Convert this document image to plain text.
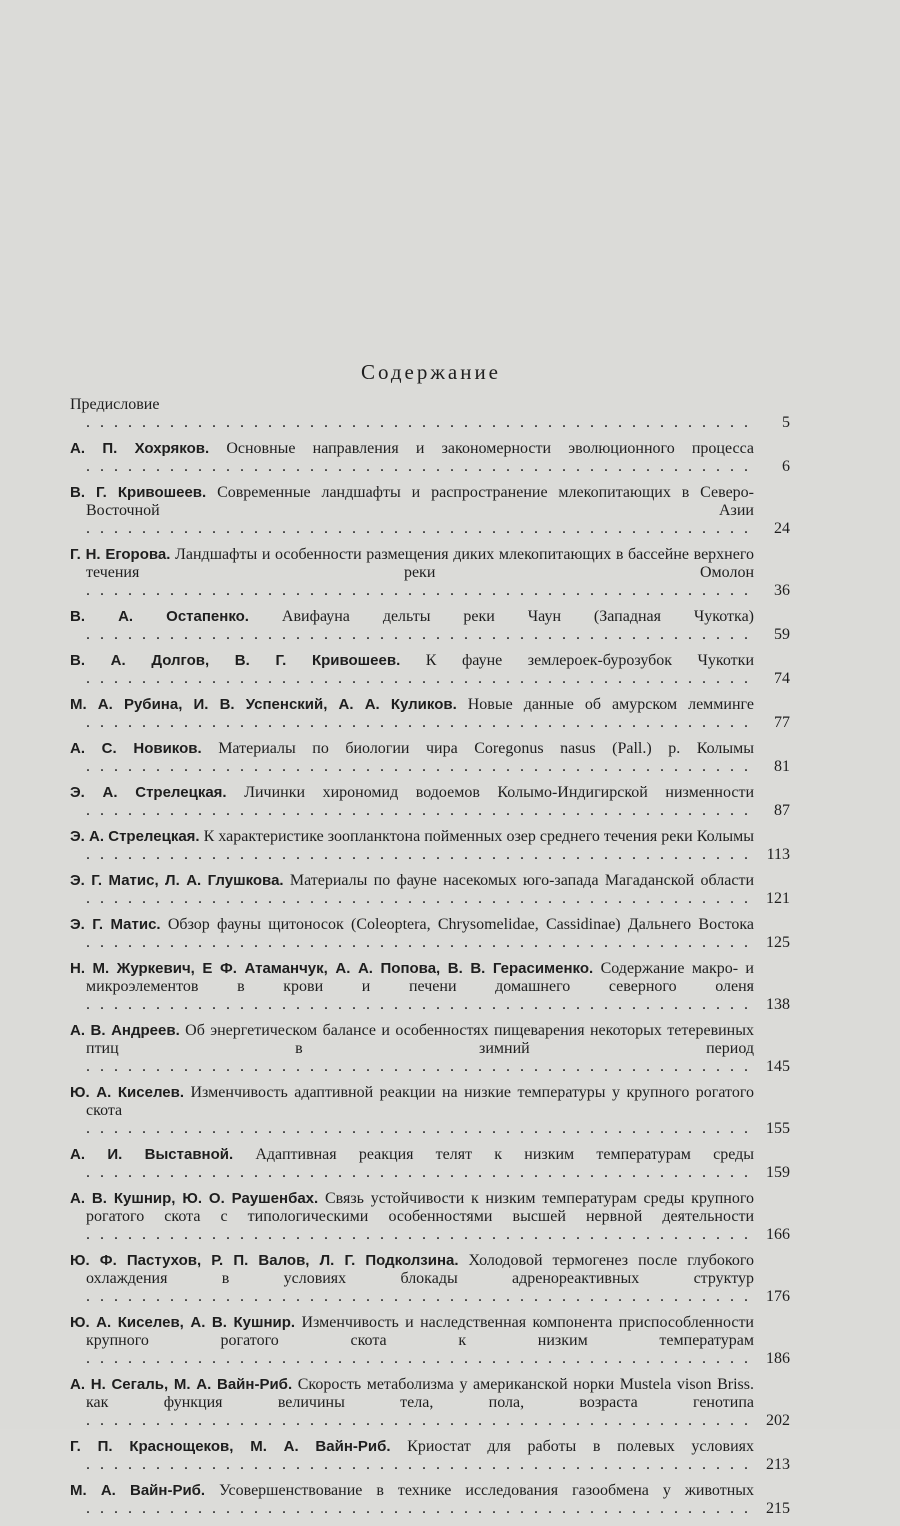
Содержание
Предисловие . . .
5
А. П. Хохряков. Основные направления и закономерности эволюционного процесса . . .
6
В. Г. Кривошеев. Современные ландшафты и распространение млекопитающих в Северо-Восточной Азии . . .
24
Г. Н. Егорова. Ландшафты и особенности размещения диких млекопитающих в бассейне верхнего течения реки Омолон . . .
36
В. А. Остапенко. Авифауна дельты реки Чаун (Западная Чукотка) . . .
59
В. А. Долгов, В. Г. Кривошеев. К фауне землероек-бурозубок Чукотки . . .
74
М. А. Рубина, И. В. Успенский, А. А. Куликов. Новые данные об амурском лемминге . . .
77
А. С. Новиков. Материалы по биологии чира Coregonus nasus (Pall.) р. Колымы . . .
81
Э. А. Стрелецкая. Личинки хирономид водоемов Колымо-Индигирской низменности . . .
87
Э. А. Стрелецкая. К характеристике зоопланктона пойменных озер среднего течения реки Колымы . . .
113
Э. Г. Матис, Л. А. Глушкова. Материалы по фауне насекомых юго-запада Магаданской области . . .
121
Э. Г. Матис. Обзор фауны щитоносок (Coleoptera, Chrysomelidae, Cassidinae) Дальнего Востока . . .
125
Н. М. Журкевич, Е Ф. Атаманчук, А. А. Попова, В. В. Герасименко. Содержание макро- и микроэлементов в крови и печени домашнего северного оленя . . .
138
А. В. Андреев. Об энергетическом балансе и особенностях пищеварения некоторых тетеревиных птиц в зимний период . . .
145
Ю. А. Киселев. Изменчивость адаптивной реакции на низкие температуры у крупного рогатого скота . . .
155
А. И. Выставной. Адаптивная реакция телят к низким температурам среды . . .
159
А. В. Кушнир, Ю. О. Раушенбах. Связь устойчивости к низким температурам среды крупного рогатого скота с типологическими особенностями высшей нервной деятельности . . .
166
Ю. Ф. Пастухов, Р. П. Валов, Л. Г. Подколзина. Холодовой термогенез после глубокого охлаждения в условиях блокады адренореактивных структур . . .
176
Ю. А. Киселев, А. В. Кушнир. Изменчивость и наследственная компонента приспособленности крупного рогатого скота к низким температурам . . .
186
А. Н. Сегаль, М. А. Вайн-Риб. Скорость метаболизма у американской норки Mustela vison Briss. как функция величины тела, пола, возраста генотипа . . .
202
Г. П. Краснощеков, М. А. Вайн-Риб. Криостат для работы в полевых условиях . . .
213
М. А. Вайн-Риб. Усовершенствование в технике исследования газообмена у животных . . .
215
